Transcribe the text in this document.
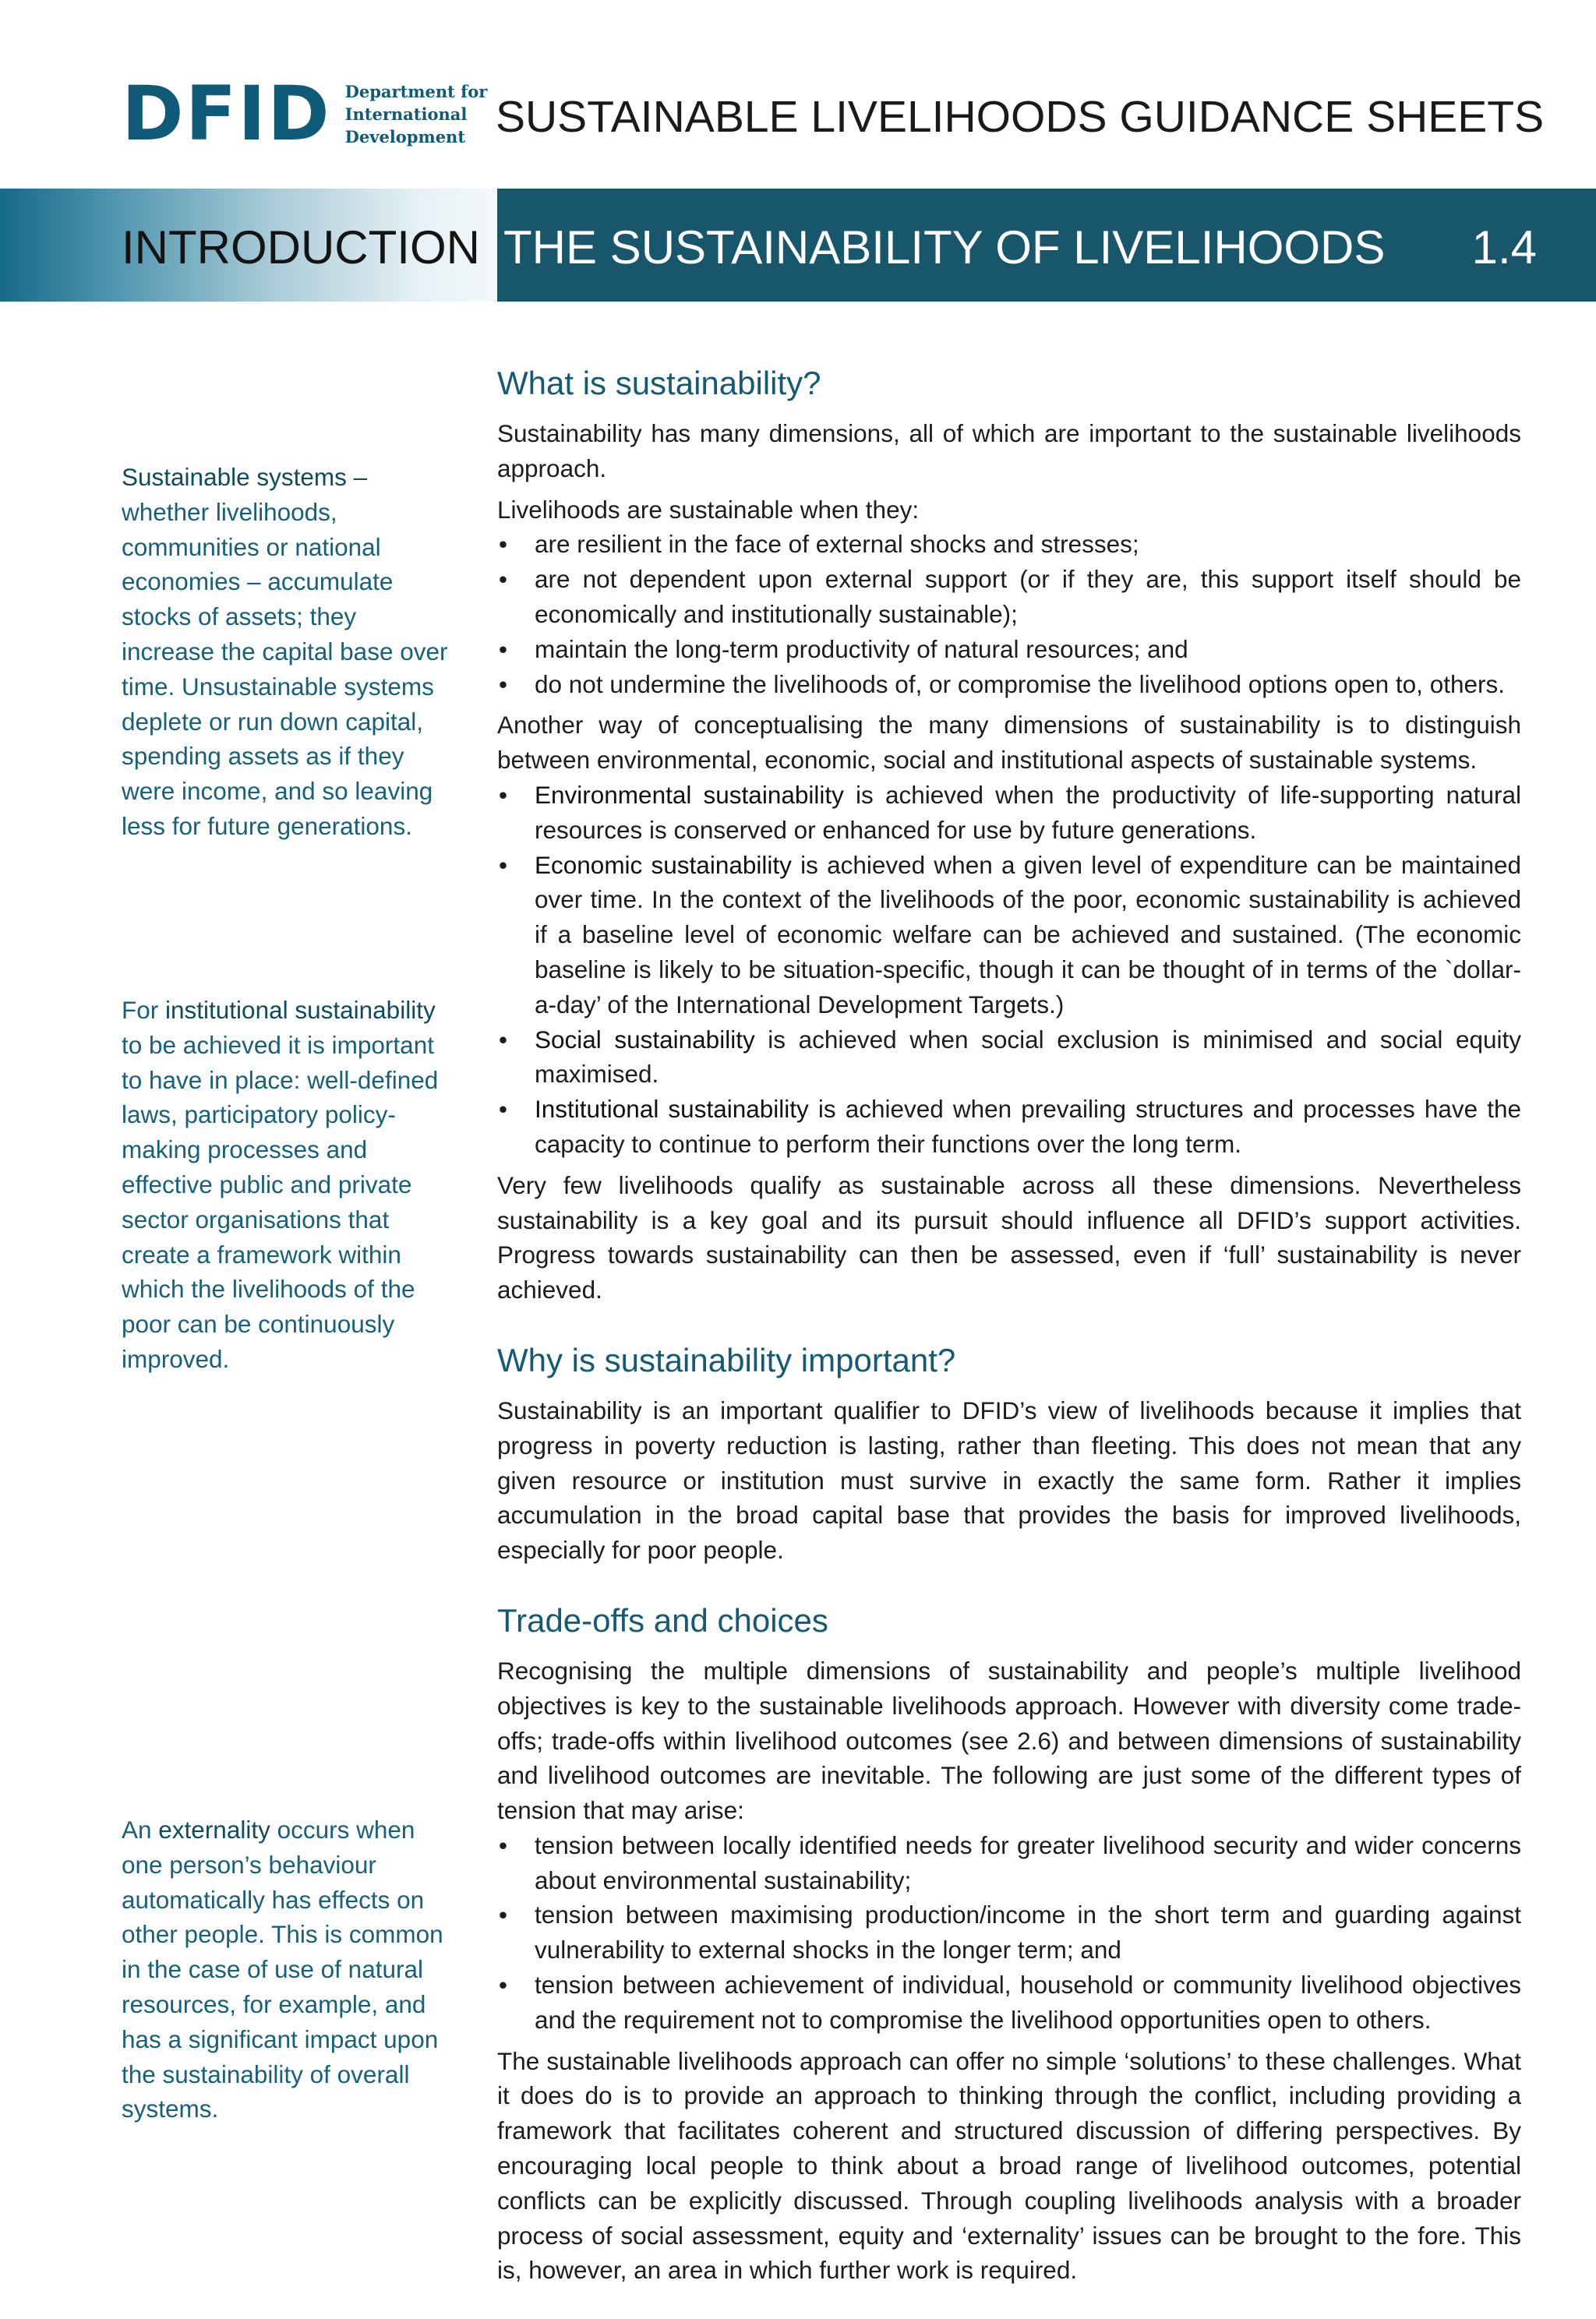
DFID Department for
International
Development SUSTAINABLE LIVELIHOODS GUIDANCE SHEETS
INTRODUCTION THE SUSTAINABILITY OF LIVELIHOODS 1.4
Sustainable systems – whether livelihoods, communities or national economies – accumulate stocks of assets; they increase the capital base over time. Unsustainable systems deplete or run down capital, spending assets as if they were income, and so leaving less for future generations.
For institutional sustainability to be achieved it is important to have in place: well-defined laws, participatory policy-making processes and effective public and private sector organisations that create a framework within which the livelihoods of the poor can be continuously improved.
An externality occurs when one person’s behaviour automatically has effects on other people. This is common in the case of use of natural resources, for example, and has a significant impact upon the sustainability of overall systems.
What is sustainability?

Sustainability has many dimensions, all of which are important to the sustainable livelihoods approach.

Livelihoods are sustainable when they:

• are resilient in the face of external shocks and stresses;
• are not dependent upon external support (or if they are, this support itself should be economically and institutionally sustainable);
• maintain the long-term productivity of natural resources; and
• do not undermine the livelihoods of, or compromise the livelihood options open to, others.

Another way of conceptualising the many dimensions of sustainability is to distinguish between environmental, economic, social and institutional aspects of sustainable systems.

• Environmental sustainability is achieved when the productivity of life-supporting natural resources is conserved or enhanced for use by future generations.
• Economic sustainability is achieved when a given level of expenditure can be maintained over time. In the context of the livelihoods of the poor, economic sustainability is achieved if a baseline level of economic welfare can be achieved and sustained. (The economic baseline is likely to be situation-specific, though it can be thought of in terms of the `dollar-a-day’ of the International Development Targets.)
• Social sustainability is achieved when social exclusion is minimised and social equity maximised.
• Institutional sustainability is achieved when prevailing structures and processes have the capacity to continue to perform their functions over the long term.

Very few livelihoods qualify as sustainable across all these dimensions. Nevertheless sustainability is a key goal and its pursuit should influence all DFID’s support activities. Progress towards sustainability can then be assessed, even if ‘full’ sustainability is never achieved.

Why is sustainability important?

Sustainability is an important qualifier to DFID’s view of livelihoods because it implies that progress in poverty reduction is lasting, rather than fleeting. This does not mean that any given resource or institution must survive in exactly the same form. Rather it implies accumulation in the broad capital base that provides the basis for improved livelihoods, especially for poor people.

Trade-offs and choices

Recognising the multiple dimensions of sustainability and people’s multiple livelihood objectives is key to the sustainable livelihoods approach. However with diversity come trade-offs; trade-offs within livelihood outcomes (see 2.6) and between dimensions of sustainability and livelihood outcomes are inevitable. The following are just some of the different types of tension that may arise:

• tension between locally identified needs for greater livelihood security and wider concerns about environmental sustainability;
• tension between maximising production/income in the short term and guarding against vulnerability to external shocks in the longer term; and
• tension between achievement of individual, household or community livelihood objectives and the requirement not to compromise the livelihood opportunities open to others.

The sustainable livelihoods approach can offer no simple ‘solutions’ to these challenges. What it does do is to provide an approach to thinking through the conflict, including providing a framework that facilitates coherent and structured discussion of differing perspectives. By encouraging local people to think about a broad range of livelihood outcomes, potential conflicts can be explicitly discussed. Through coupling livelihoods analysis with a broader process of social assessment, equity and ‘externality’ issues can be brought to the fore. This is, however, an area in which further work is required.
